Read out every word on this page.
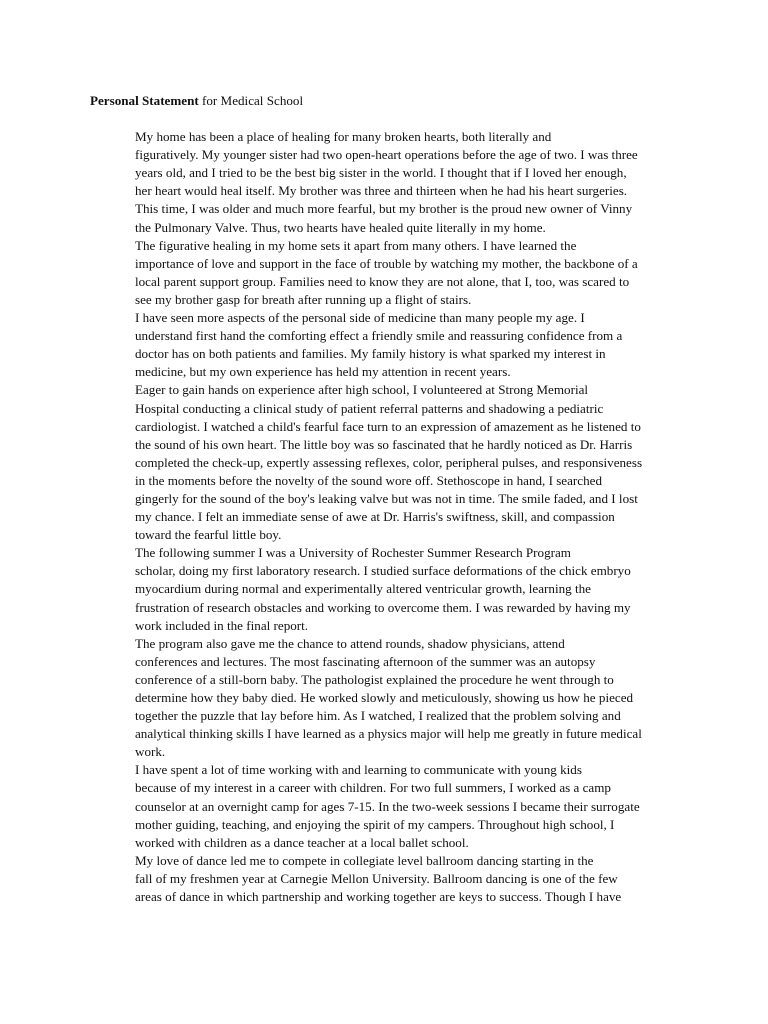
Personal Statement for Medical School

My home has been a place of healing for many broken hearts, both literally and
figuratively. My younger sister had two open-heart operations before the age of two. I was three
years old, and I tried to be the best big sister in the world. I thought that if I loved her enough,
her heart would heal itself. My brother was three and thirteen when he had his heart surgeries.
This time, I was older and much more fearful, but my brother is the proud new owner of Vinny
the Pulmonary Valve. Thus, two hearts have healed quite literally in my home.

The figurative healing in my home sets it apart from many others. I have learned the
importance of love and support in the face of trouble by watching my mother, the backbone of a
local parent support group. Families need to know they are not alone, that I, too, was scared to
see my brother gasp for breath after running up a flight of stairs.

I have seen more aspects of the personal side of medicine than many people my age. I
understand first hand the comforting effect a friendly smile and reassuring confidence from a
doctor has on both patients and families. My family history is what sparked my interest in
medicine, but my own experience has held my attention in recent years.

Eager to gain hands on experience after high school, I volunteered at Strong Memorial
Hospital conducting a clinical study of patient referral patterns and shadowing a pediatric
cardiologist. I watched a child's fearful face turn to an expression of amazement as he listened to
the sound of his own heart. The little boy was so fascinated that he hardly noticed as Dr. Harris
completed the check-up, expertly assessing reflexes, color, peripheral pulses, and responsiveness
in the moments before the novelty of the sound wore off. Stethoscope in hand, I searched
gingerly for the sound of the boy's leaking valve but was not in time. The smile faded, and I lost
my chance. I felt an immediate sense of awe at Dr. Harris's swiftness, skill, and compassion
toward the fearful little boy.

The following summer I was a University of Rochester Summer Research Program
scholar, doing my first laboratory research. I studied surface deformations of the chick embryo
myocardium during normal and experimentally altered ventricular growth, learning the
frustration of research obstacles and working to overcome them. I was rewarded by having my
work included in the final report.

The program also gave me the chance to attend rounds, shadow physicians, attend
conferences and lectures. The most fascinating afternoon of the summer was an autopsy
conference of a still-born baby. The pathologist explained the procedure he went through to
determine how they baby died. He worked slowly and meticulously, showing us how he pieced
together the puzzle that lay before him. As I watched, I realized that the problem solving and
analytical thinking skills I have learned as a physics major will help me greatly in future medical
work.

I have spent a lot of time working with and learning to communicate with young kids
because of my interest in a career with children. For two full summers, I worked as a camp
counselor at an overnight camp for ages 7-15. In the two-week sessions I became their surrogate
mother guiding, teaching, and enjoying the spirit of my campers. Throughout high school, I
worked with children as a dance teacher at a local ballet school.

My love of dance led me to compete in collegiate level ballroom dancing starting in the
fall of my freshmen year at Carnegie Mellon University. Ballroom dancing is one of the few
areas of dance in which partnership and working together are keys to success. Though I have
